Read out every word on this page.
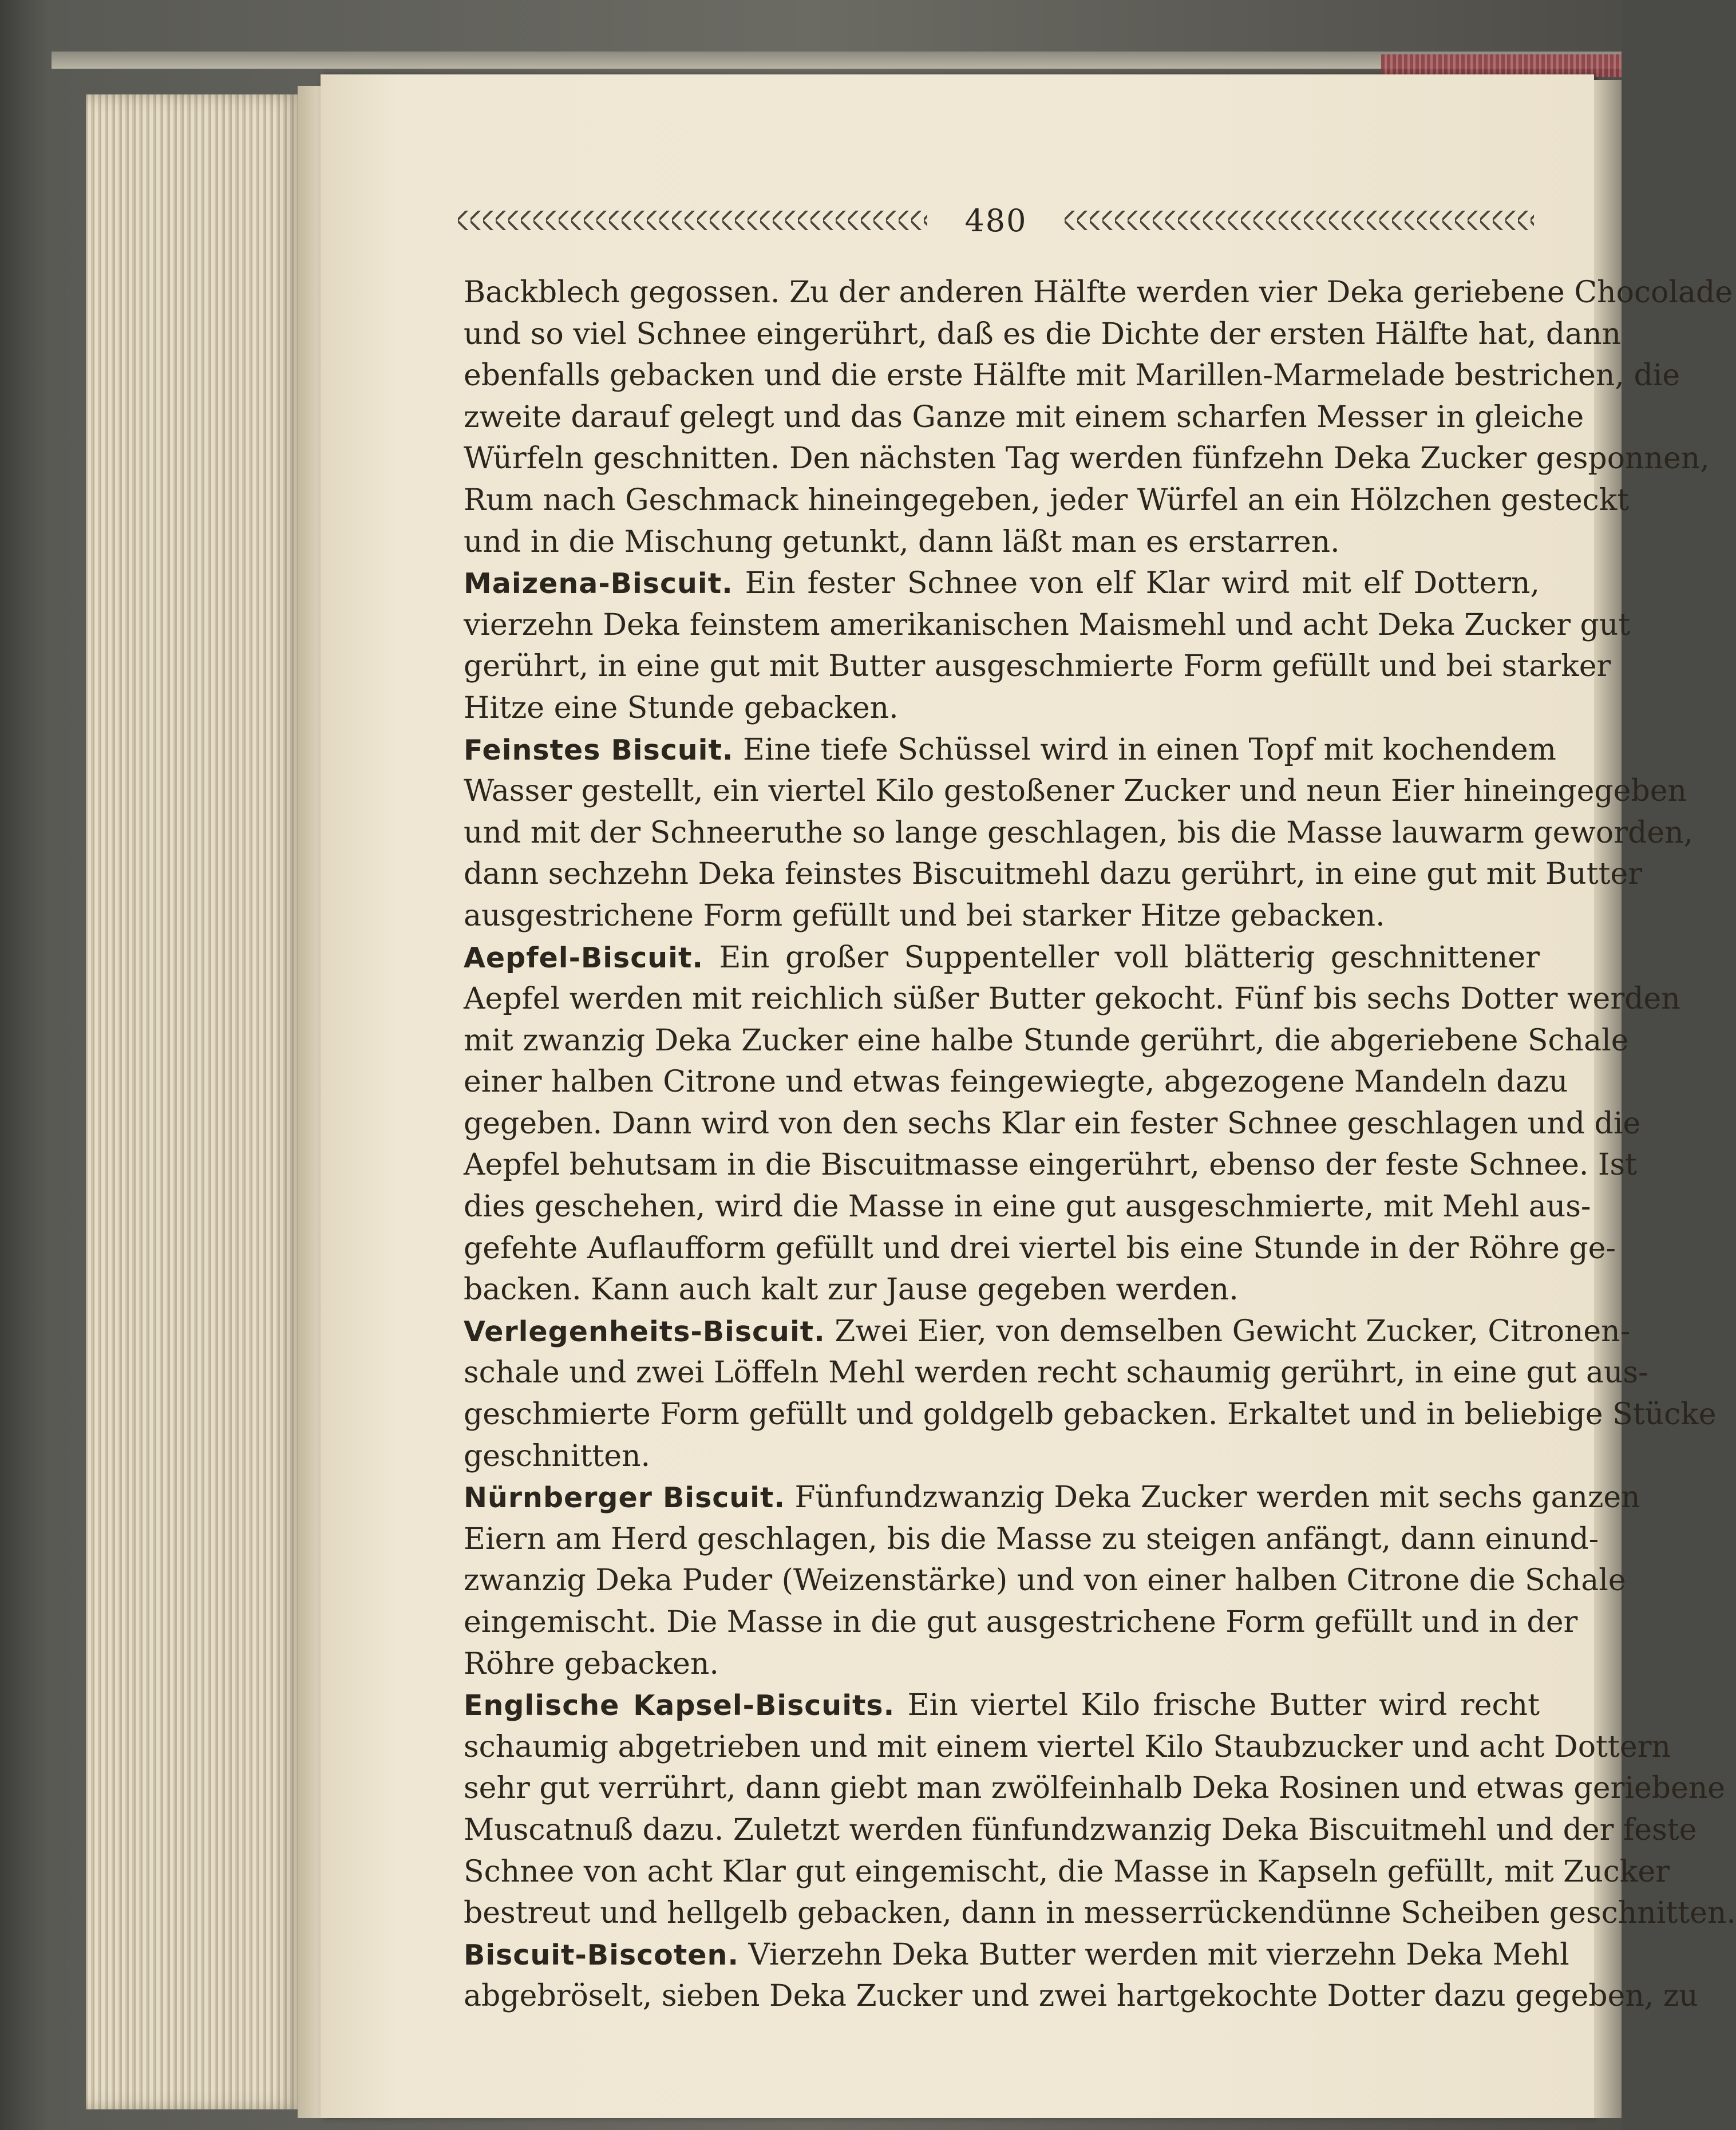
480
Backblech gegossen. Zu der anderen Hälfte werden vier Deka geriebene Chocolade
und so viel Schnee eingerührt, daß es die Dichte der ersten Hälfte hat, dann
ebenfalls gebacken und die erste Hälfte mit Marillen-Marmelade bestrichen, die
zweite darauf gelegt und das Ganze mit einem scharfen Messer in gleiche
Würfeln geschnitten. Den nächsten Tag werden fünfzehn Deka Zucker gesponnen,
Rum nach Geschmack hineingegeben, jeder Würfel an ein Hölzchen gesteckt
und in die Mischung getunkt, dann läßt man es erstarren.
Maizena-Biscuit. Ein fester Schnee von elf Klar wird mit elf Dottern,
vierzehn Deka feinstem amerikanischen Maismehl und acht Deka Zucker gut
gerührt, in eine gut mit Butter ausgeschmierte Form gefüllt und bei starker
Hitze eine Stunde gebacken.
Feinstes Biscuit. Eine tiefe Schüssel wird in einen Topf mit kochendem
Wasser gestellt, ein viertel Kilo gestoßener Zucker und neun Eier hineingegeben
und mit der Schneeruthe so lange geschlagen, bis die Masse lauwarm geworden,
dann sechzehn Deka feinstes Biscuitmehl dazu gerührt, in eine gut mit Butter
ausgestrichene Form gefüllt und bei starker Hitze gebacken.
Aepfel-Biscuit. Ein großer Suppenteller voll blätterig geschnittener
Aepfel werden mit reichlich süßer Butter gekocht. Fünf bis sechs Dotter werden
mit zwanzig Deka Zucker eine halbe Stunde gerührt, die abgeriebene Schale
einer halben Citrone und etwas feingewiegte, abgezogene Mandeln dazu
gegeben. Dann wird von den sechs Klar ein fester Schnee geschlagen und die
Aepfel behutsam in die Biscuitmasse eingerührt, ebenso der feste Schnee. Ist
dies geschehen, wird die Masse in eine gut ausgeschmierte, mit Mehl aus-
gefehte Auflaufform gefüllt und drei viertel bis eine Stunde in der Röhre ge-
backen. Kann auch kalt zur Jause gegeben werden.
Verlegenheits-Biscuit. Zwei Eier, von demselben Gewicht Zucker, Citronen-
schale und zwei Löffeln Mehl werden recht schaumig gerührt, in eine gut aus-
geschmierte Form gefüllt und goldgelb gebacken. Erkaltet und in beliebige Stücke
geschnitten.
Nürnberger Biscuit. Fünfundzwanzig Deka Zucker werden mit sechs ganzen
Eiern am Herd geschlagen, bis die Masse zu steigen anfängt, dann einund-
zwanzig Deka Puder (Weizenstärke) und von einer halben Citrone die Schale
eingemischt. Die Masse in die gut ausgestrichene Form gefüllt und in der
Röhre gebacken.
Englische Kapsel-Biscuits. Ein viertel Kilo frische Butter wird recht
schaumig abgetrieben und mit einem viertel Kilo Staubzucker und acht Dottern
sehr gut verrührt, dann giebt man zwölfeinhalb Deka Rosinen und etwas geriebene
Muscatnuß dazu. Zuletzt werden fünfundzwanzig Deka Biscuitmehl und der feste
Schnee von acht Klar gut eingemischt, die Masse in Kapseln gefüllt, mit Zucker
bestreut und hellgelb gebacken, dann in messerrückendünne Scheiben geschnitten.
Biscuit-Biscoten. Vierzehn Deka Butter werden mit vierzehn Deka Mehl
abgebröselt, sieben Deka Zucker und zwei hartgekochte Dotter dazu gegeben, zu
